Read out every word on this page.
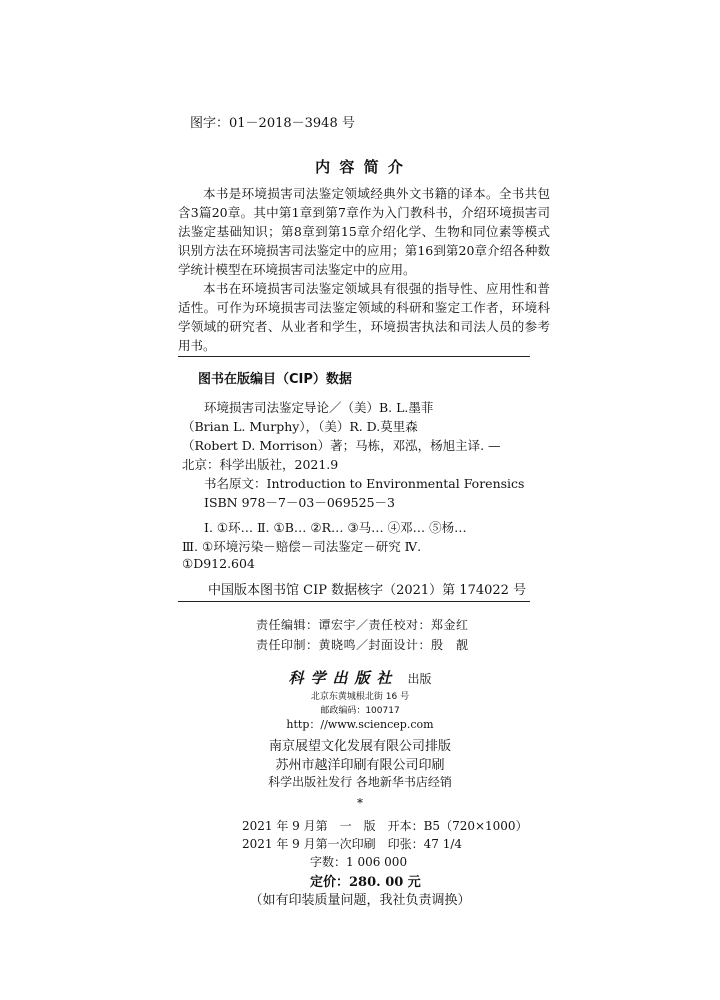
图字：01－2018－3948 号
内 容 简 介

本书是环境损害司法鉴定领域经典外文书籍的译本。全书共包含3篇20章。其中第1章到第7章作为入门教科书，介绍环境损害司法鉴定基础知识；第8章到第15章介绍化学、生物和同位素等模式识别方法在环境损害司法鉴定中的应用；第16到第20章介绍各种数学统计模型在环境损害司法鉴定中的应用。

本书在环境损害司法鉴定领域具有很强的指导性、应用性和普适性。可作为环境损害司法鉴定领域的科研和鉴定工作者，环境科学领域的研究者、从业者和学生，环境损害执法和司法人员的参考用书。

图书在版编目（CIP）数据
环境损害司法鉴定导论／（美）B. L.墨菲
（Brian L. Murphy），（美）R. D.莫里森
（Robert D. Morrison）著；马栋，邓泓，杨旭主译. —
北京：科学出版社，2021.9
书名原文：Introduction to Environmental Forensics
ISBN 978－7－03－069525－3
Ⅰ. ①环… Ⅱ. ①B… ②R… ③马… ④邓… ⑤杨…
Ⅲ. ①环境污染－赔偿－司法鉴定－研究 Ⅳ.
①D912.604
中国版本图书馆 CIP 数据核字（2021）第 174022 号
责任编辑：谭宏宇／责任校对：郑金红
责任印制：黄晓鸣／封面设计：殷　靓
科学出版社 出版
北京东黄城根北街 16 号
邮政编码：100717
http：//www.sciencep.com
南京展望文化发展有限公司排版
苏州市越洋印刷有限公司印刷
科学出版社发行 各地新华书店经销
*
2021 年 9 月第　一　版　开本：B5（720×1000）
2021 年 9 月第一次印刷　印张：47 1/4
字数：1 006 000
定价：280. 00 元
（如有印装质量问题，我社负责调换）
